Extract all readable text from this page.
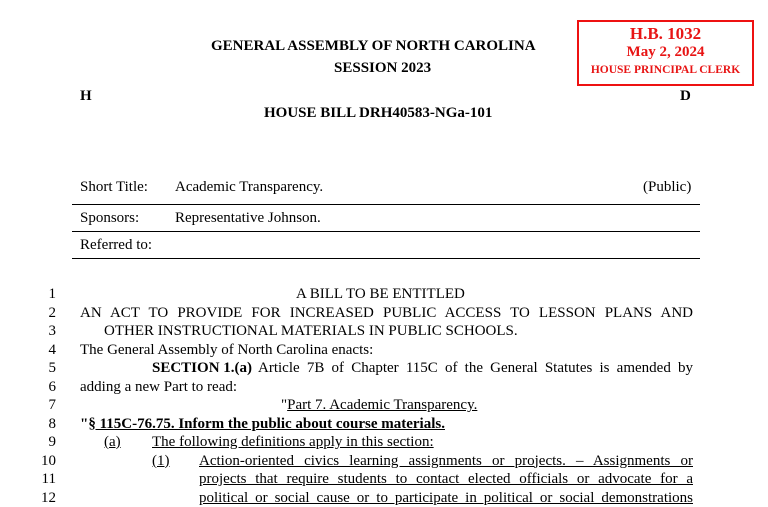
H.B. 1032
May 2, 2024
HOUSE PRINCIPAL CLERK
GENERAL ASSEMBLY OF NORTH CAROLINA
SESSION 2023
H	D
HOUSE BILL DRH40583-NGa-101
Short Title: Academic Transparency.	(Public)
Sponsors: Representative Johnson.
Referred to:
1	A BILL TO BE ENTITLED
2 AN ACT TO PROVIDE FOR INCREASED PUBLIC ACCESS TO LESSON PLANS AND
3	OTHER INSTRUCTIONAL MATERIALS IN PUBLIC SCHOOLS.
4 The General Assembly of North Carolina enacts:
5	SECTION 1.(a) Article 7B of Chapter 115C of the General Statutes is amended by
6 adding a new Part to read:
7	"Part 7. Academic Transparency.
8 "§ 115C-76.75. Inform the public about course materials.
9	(a) The following definitions apply in this section:
10	(1) Action-oriented civics learning assignments or projects. – Assignments or
11	projects that require students to contact elected officials or advocate for a
12	political or social cause or to participate in political or social demonstrations
